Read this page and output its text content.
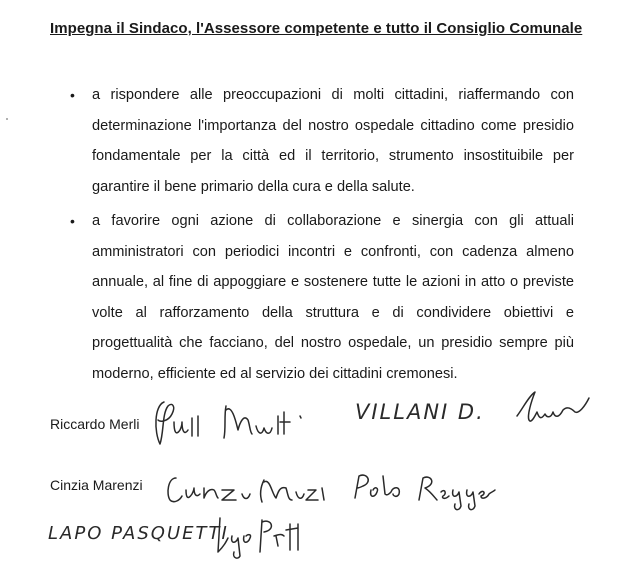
Impegna il Sindaco, l'Assessore competente e tutto il Consiglio Comunale
• a rispondere alle preoccupazioni di molti cittadini, riaffermando con determinazione l'importanza del nostro ospedale cittadino come presidio fondamentale per la città ed il territorio, strumento insostituibile per garantire il bene primario della cura e della salute.
• a favorire ogni azione di collaborazione e sinergia con gli attuali amministratori con periodici incontri e confronti, con cadenza almeno annuale, al fine di appoggiare e sostenere tutte le azioni in atto o previste volte al rafforzamento della struttura e di condividere obiettivi e progettualità che facciano, del nostro ospedale, un presidio sempre più moderno, efficiente ed al servizio dei cittadini cremonesi.
Riccardo Merli	VILLANI D.
Cinzia Marenzi
LAPO PASQUETTI
